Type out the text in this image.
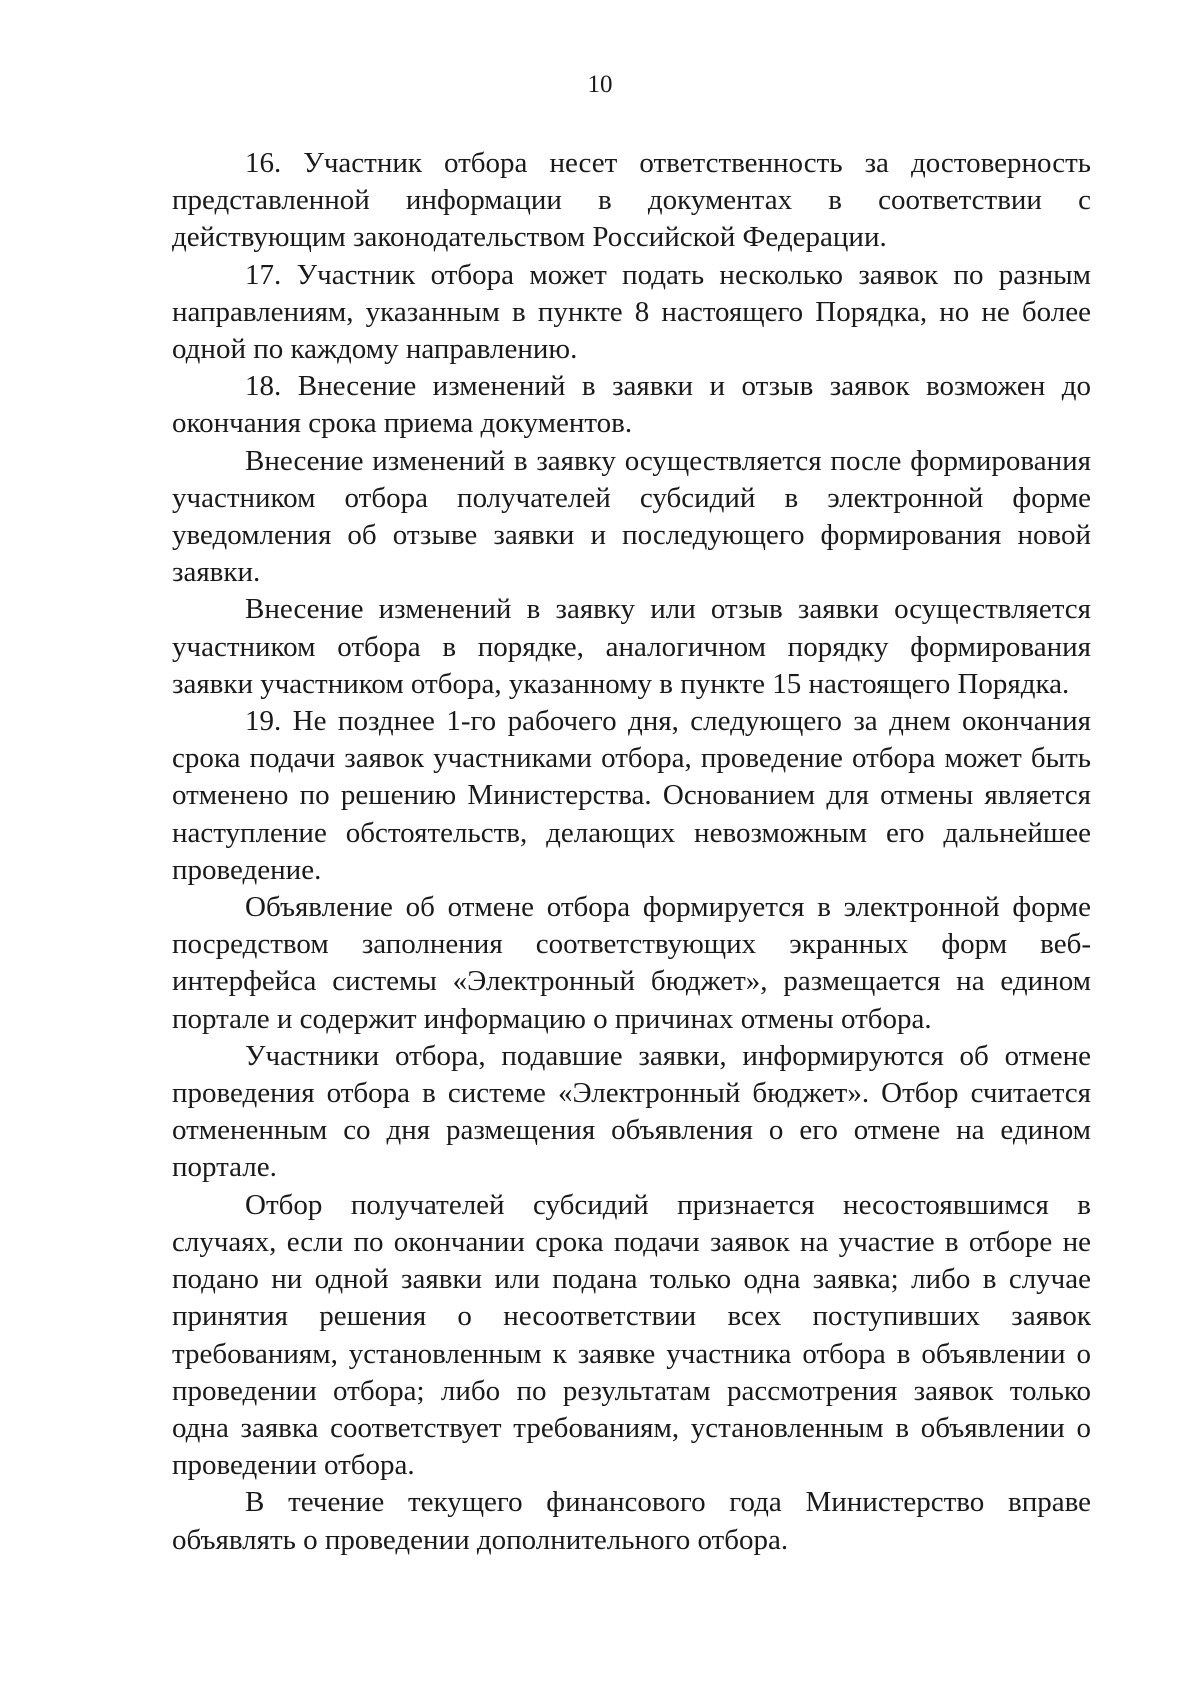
10

16. Участник отбора несет ответственность за достоверность представленной информации в документах в соответствии с действующим законодательством Российской Федерации.

17. Участник отбора может подать несколько заявок по разным направлениям, указанным в пункте 8 настоящего Порядка, но не более одной по каждому направлению.

18. Внесение изменений в заявки и отзыв заявок возможен до окончания срока приема документов.

Внесение изменений в заявку осуществляется после формирования участником отбора получателей субсидий в электронной форме уведомления об отзыве заявки и последующего формирования новой заявки.

Внесение изменений в заявку или отзыв заявки осуществляется участником отбора в порядке, аналогичном порядку формирования заявки участником отбора, указанному в пункте 15 настоящего Порядка.

19. Не позднее 1-го рабочего дня, следующего за днем окончания срока подачи заявок участниками отбора, проведение отбора может быть отменено по решению Министерства. Основанием для отмены является наступление обстоятельств, делающих невозможным его дальнейшее проведение.

Объявление об отмене отбора формируется в электронной форме посредством заполнения соответствующих экранных форм веб-интерфейса системы «Электронный бюджет», размещается на едином портале и содержит информацию о причинах отмены отбора.

Участники отбора, подавшие заявки, информируются об отмене проведения отбора в системе «Электронный бюджет». Отбор считается отмененным со дня размещения объявления о его отмене на едином портале.

Отбор получателей субсидий признается несостоявшимся в случаях, если по окончании срока подачи заявок на участие в отборе не подано ни одной заявки или подана только одна заявка; либо в случае принятия решения о несоответствии всех поступивших заявок требованиям, установленным к заявке участника отбора в объявлении о проведении отбора; либо по результатам рассмотрения заявок только одна заявка соответствует требованиям, установленным в объявлении о проведении отбора.

В течение текущего финансового года Министерство вправе объявлять о проведении дополнительного отбора.
